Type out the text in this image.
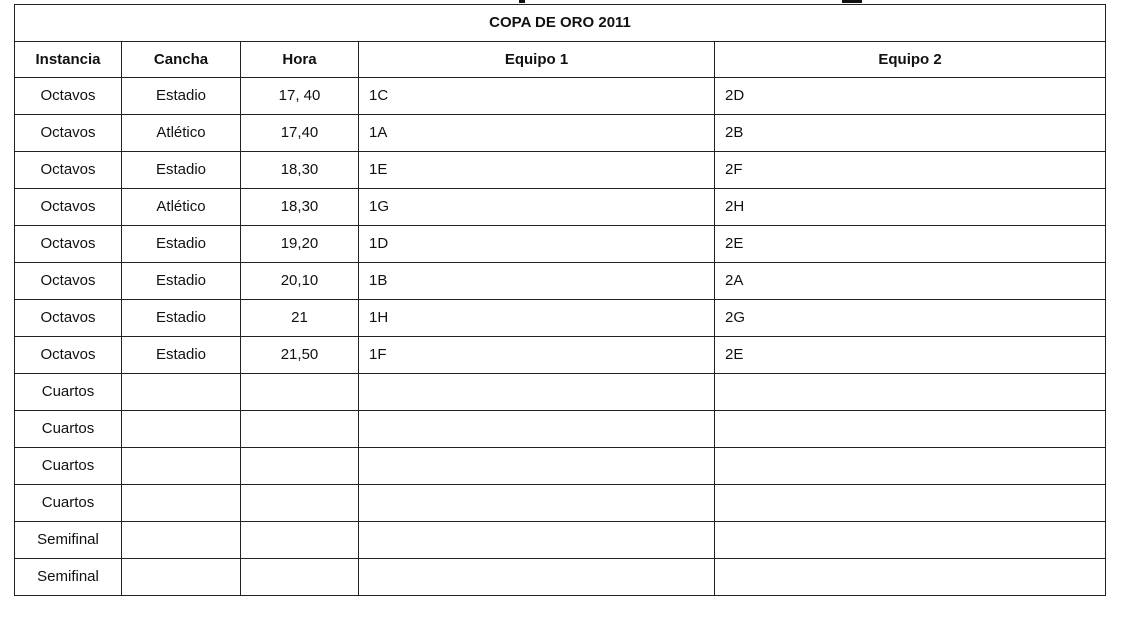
COPA DE ORO 2011				
Instancia	Cancha	Hora	Equipo 1	Equipo 2
Octavos	Estadio	17, 40	1C	2D
Octavos	Atlético	17,40	1A	2B
Octavos	Estadio	18,30	1E	2F
Octavos	Atlético	18,30	1G	2H
Octavos	Estadio	19,20	1D	2E
Octavos	Estadio	20,10	1B	2A
Octavos	Estadio	21	1H	2G
Octavos	Estadio	21,50	1F	2E
Cuartos				
Cuartos				
Cuartos				
Cuartos				
Semifinal				
Semifinal				
